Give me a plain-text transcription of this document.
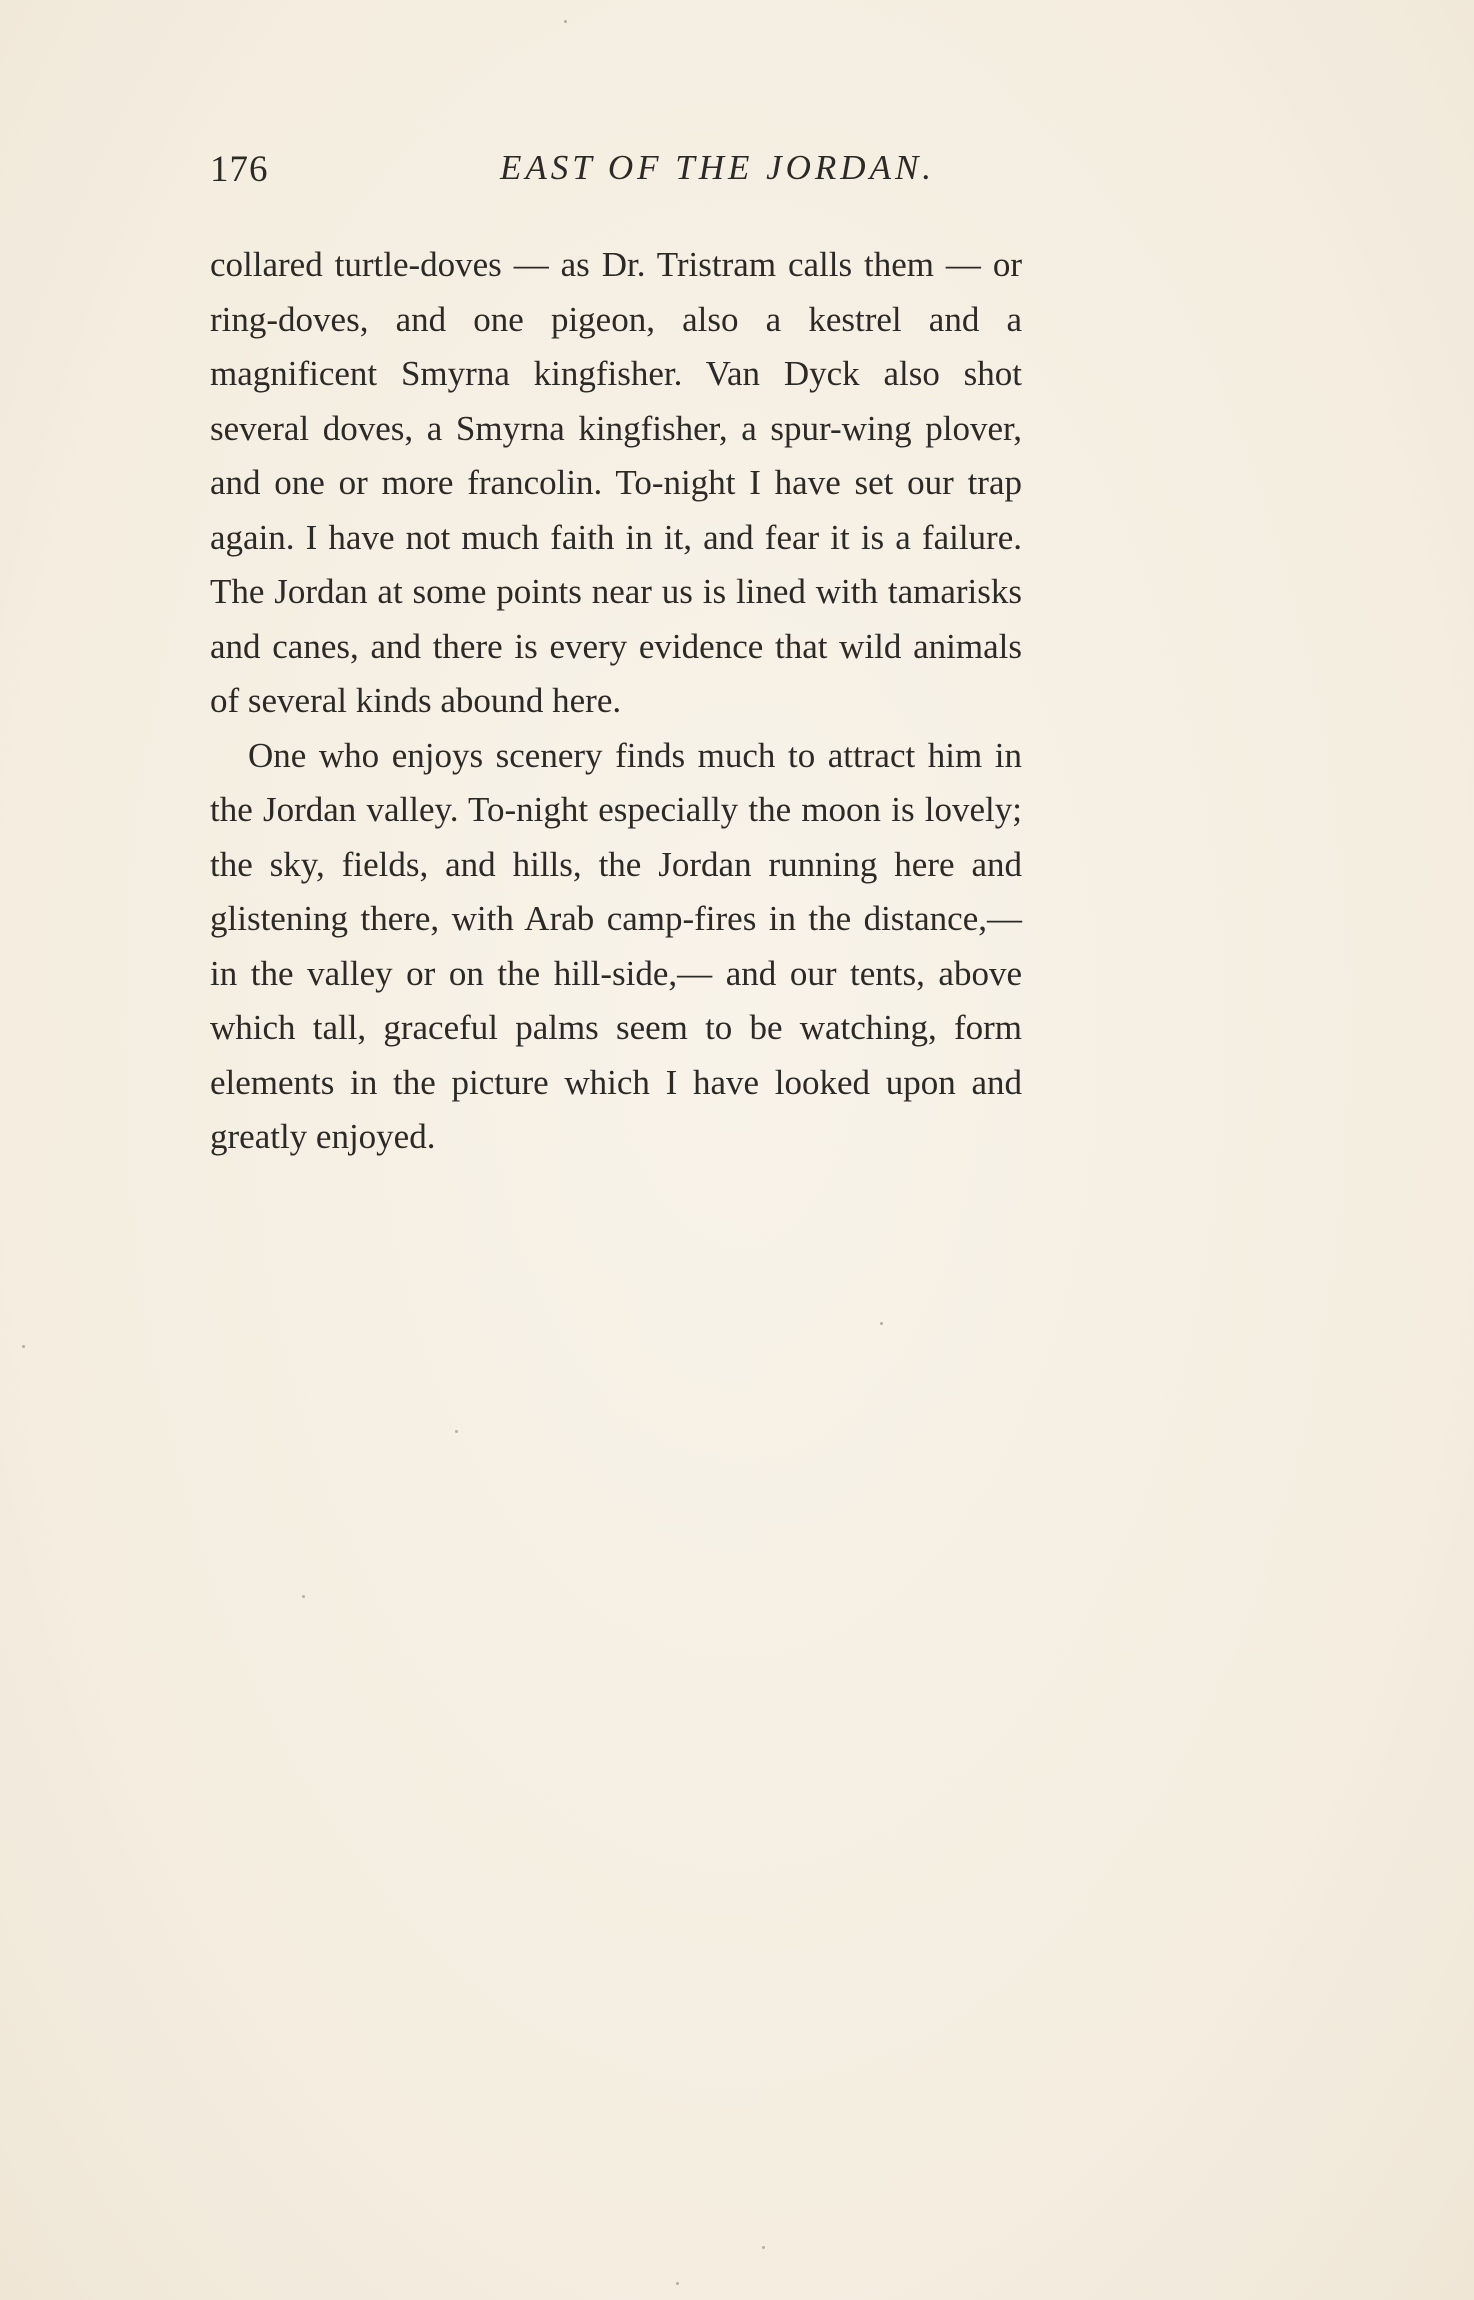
176	EAST OF THE JORDAN.

collared turtle-doves — as Dr. Tristram calls them — or ring-doves, and one pigeon, also a kestrel and a magnificent Smyrna kingfisher. Van Dyck also shot several doves, a Smyrna kingfisher, a spur-wing plover, and one or more francolin. To-night I have set our trap again. I have not much faith in it, and fear it is a failure. The Jordan at some points near us is lined with tamarisks and canes, and there is every evidence that wild animals of several kinds abound here.

One who enjoys scenery finds much to attract him in the Jordan valley. To-night especially the moon is lovely; the sky, fields, and hills, the Jordan running here and glistening there, with Arab camp-fires in the distance,— in the valley or on the hill-side,— and our tents, above which tall, graceful palms seem to be watching, form elements in the picture which I have looked upon and greatly enjoyed.
